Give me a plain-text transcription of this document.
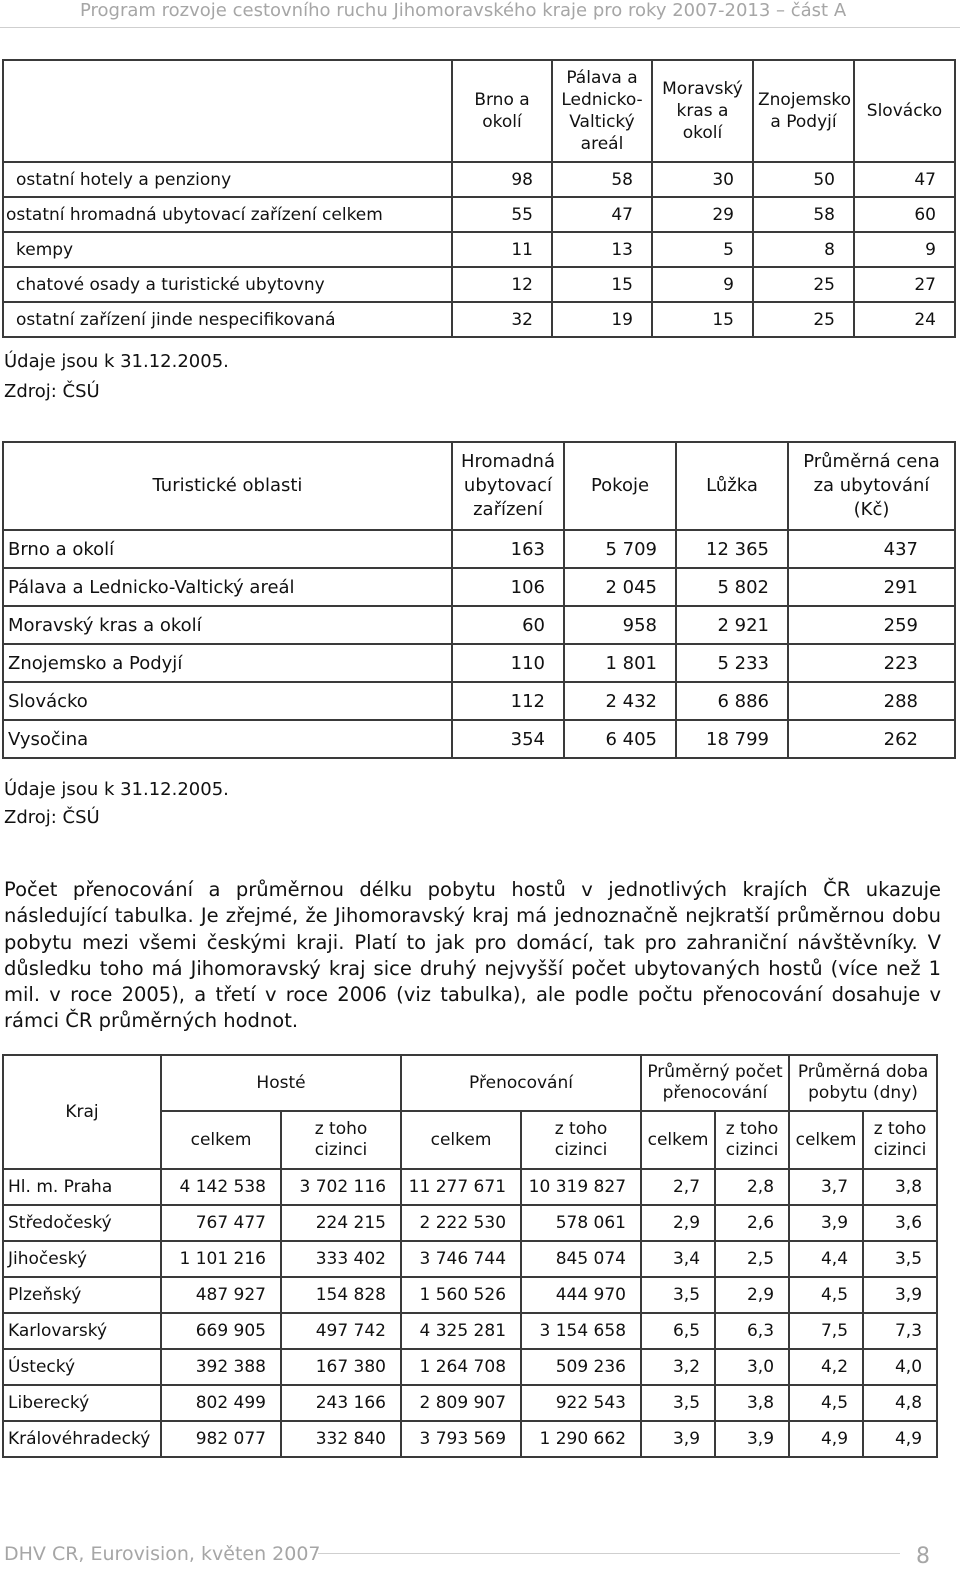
Program rozvoje cestovního ruchu Jihomoravského kraje pro roky 2007-2013 – část A
	Brno a okolí	Pálava a Lednicko-Valtický areál	Moravský kras a okolí	Znojemsko a Podyjí	Slovácko
ostatní hotely a penziony	98	58	30	50	47
ostatní hromadná ubytovací zařízení celkem	55	47	29	58	60
kempy	11	13	5	8	9
chatové osady a turistické ubytovny	12	15	9	25	27
ostatní zařízení jinde nespecifikovaná	32	19	15	25	24
Údaje jsou k 31.12.2005.
Zdroj: ČSÚ
Turistické oblasti	Hromadná ubytovací zařízení	Pokoje	Lůžka	Průměrná cena za ubytování (Kč)
Brno a okolí	163	5 709	12 365	437
Pálava a Lednicko-Valtický areál	106	2 045	5 802	291
Moravský kras a okolí	60	958	2 921	259
Znojemsko a Podyjí	110	1 801	5 233	223
Slovácko	112	2 432	6 886	288
Vysočina	354	6 405	18 799	262
Údaje jsou k 31.12.2005.
Zdroj: ČSÚ

Počet přenocování a průměrnou délku pobytu hostů v jednotlivých krajích ČR ukazuje následující tabulka. Je zřejmé, že Jihomoravský kraj má jednoznačně nejkratší průměrnou dobu pobytu mezi všemi českými kraji. Platí to jak pro domácí, tak pro zahraniční návštěvníky. V důsledku toho má Jihomoravský kraj sice druhý nejvyšší počet ubytovaných hostů (více než 1 mil. v roce 2005), a třetí v roce 2006 (viz tabulka), ale podle počtu přenocování dosahuje v rámci ČR průměrných hodnot.

Kraj	Hosté		Přenocování		Průměrný počet přenocování		Průměrná doba pobytu (dny)	
	celkem	z toho cizinci	celkem	z toho cizinci	celkem	z toho cizinci	celkem	z toho cizinci
Hl. m. Praha	4 142 538	3 702 116	11 277 671	10 319 827	2,7	2,8	3,7	3,8
Středočeský	767 477	224 215	2 222 530	578 061	2,9	2,6	3,9	3,6
Jihočeský	1 101 216	333 402	3 746 744	845 074	3,4	2,5	4,4	3,5
Plzeňský	487 927	154 828	1 560 526	444 970	3,5	2,9	4,5	3,9
Karlovarský	669 905	497 742	4 325 281	3 154 658	6,5	6,3	7,5	7,3
Ústecký	392 388	167 380	1 264 708	509 236	3,2	3,0	4,2	4,0
Liberecký	802 499	243 166	2 809 907	922 543	3,5	3,8	4,5	4,8
Královéhradecký	982 077	332 840	3 793 569	1 290 662	3,9	3,9	4,9	4,9
DHV CR, Eurovision, květen 2007	8
